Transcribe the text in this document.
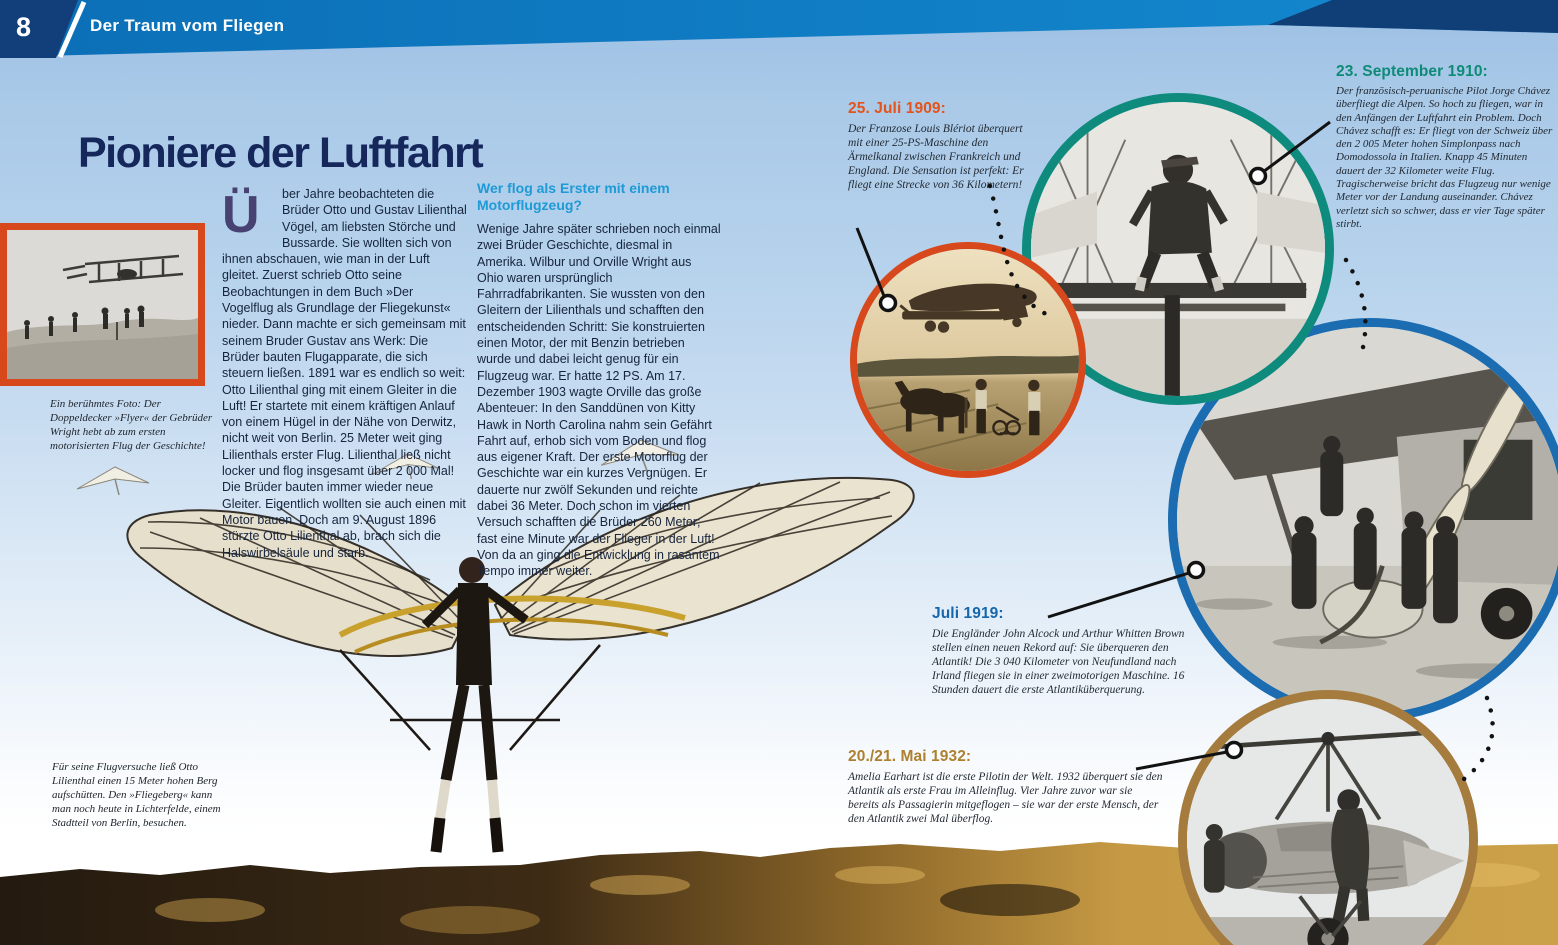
8	Der Traum vom Fliegen
Pioniere der Luftfahrt
Ü	ber Jahre beobachteten die Brüder Otto und Gustav Lilienthal Vögel, am liebsten Störche und Bussarde. Sie wollten sich von ihnen abschauen, wie man in der Luft gleitet. Zuerst schrieb Otto seine Beobachtungen in dem Buch »Der Vogelflug als Grundlage der Fliegekunst« nieder. Dann machte er sich gemeinsam mit seinem Bruder Gustav ans Werk: Die Brüder bauten Flugapparate, die sich steuern ließen. 1891 war es endlich so weit: Otto Lilienthal ging mit einem Gleiter in die Luft! Er startete mit einem kräftigen Anlauf von einem Hügel in der Nähe von Derwitz, nicht weit von Berlin. 25 Meter weit ging Lilienthals erster Flug. Lilienthal ließ nicht locker und flog insgesamt über 2 000 Mal! Die Brüder bauten immer wieder neue Gleiter. Eigentlich wollten sie auch einen mit Motor bauen. Doch am 9. August 1896 stürzte Otto Lilienthal ab, brach sich die Halswirbelsäule und starb.
Wer flog als Erster mit einem Motorflugzeug?
Wenige Jahre später schrieben noch einmal zwei Brüder Geschichte, diesmal in Amerika. Wilbur und Orville Wright aus Ohio waren ursprünglich Fahrradfabrikanten. Sie wussten von den Gleitern der Lilienthals und schafften den entscheidenden Schritt: Sie konstruierten einen Motor, der mit Benzin betrieben wurde und dabei leicht genug für ein Flugzeug war. Er hatte 12 PS. Am 17. Dezember 1903 wagte Orville das große Abenteuer: In den Sanddünen von Kitty Hawk in North Carolina nahm sein Gefährt Fahrt auf, erhob sich vom Boden und flog aus eigener Kraft. Der erste Motorflug der Geschichte war ein kurzes Vergnügen. Er dauerte nur zwölf Sekunden und reichte dabei 36 Meter. Doch schon im vierten Versuch schafften die Brüder 260 Meter; fast eine Minute war der Flieger in der Luft! Von da an ging die Entwicklung in rasantem Tempo immer weiter.
Ein berühmtes Foto: Der Doppeldecker »Flyer« der Gebrüder Wright hebt ab zum ersten motorisierten Flug der Geschichte!
Für seine Flugversuche ließ Otto Lilienthal einen 15 Meter hohen Berg aufschütten. Den »Fliegeberg« kann man noch heute in Lichterfelde, einem Stadtteil von Berlin, besuchen.
25. Juli 1909:

Der Franzose Louis Blériot überquert mit einer 25-PS-Maschine den Ärmelkanal zwischen Frankreich und England. Die Sensation ist perfekt: Er fliegt eine Strecke von 36 Kilometern!

23. September 1910:

Der französisch-peruanische Pilot Jorge Chávez überfliegt die Alpen. So hoch zu fliegen, war in den Anfängen der Luftfahrt ein Problem. Doch Chávez schafft es: Er fliegt von der Schweiz über den 2 005 Meter hohen Simplonpass nach Domodossola in Italien. Knapp 45 Minuten dauert der 32 Kilometer weite Flug. Tragischerweise bricht das Flugzeug nur wenige Meter vor der Landung auseinander. Chávez verletzt sich so schwer, dass er vier Tage später stirbt.

Juli 1919:

Die Engländer John Alcock und Arthur Whitten Brown stellen einen neuen Rekord auf: Sie überqueren den Atlantik! Die 3 040 Kilometer von Neufundland nach Irland fliegen sie in einer zweimotorigen Maschine. 16 Stunden dauert die erste Atlantiküberquerung.

20./21. Mai 1932:

Amelia Earhart ist die erste Pilotin der Welt. 1932 überquert sie den Atlantik als erste Frau im Alleinflug. Vier Jahre zuvor war sie bereits als Passagierin mitgeflogen – sie war der erste Mensch, der den Atlantik zwei Mal überflog.
